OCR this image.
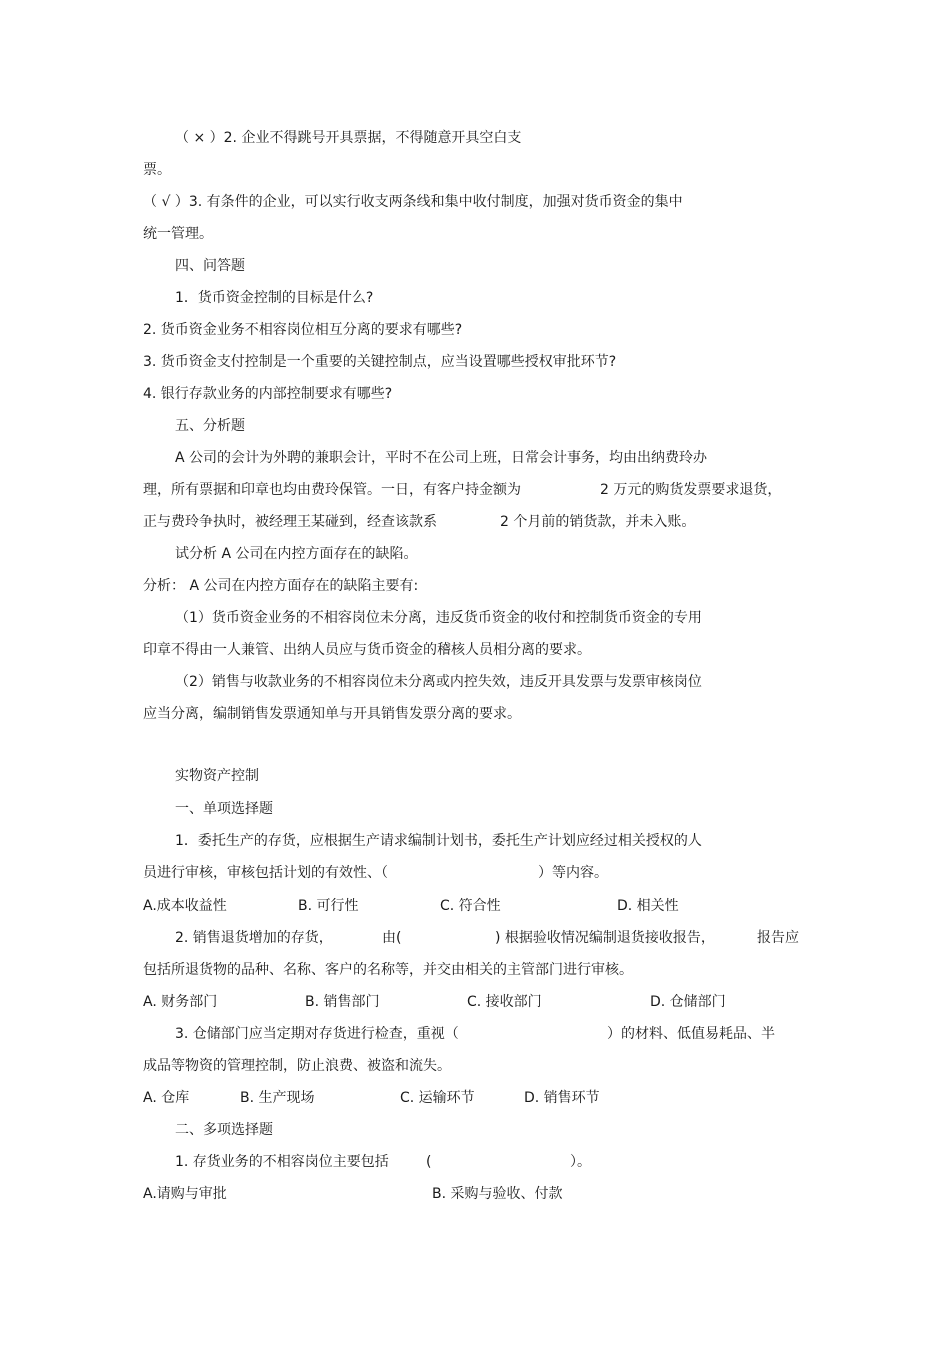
（ × ）2. 企业不得跳号开具票据，不得随意开具空白支
票。
（ √ ）3. 有条件的企业，可以实行收支两条线和集中收付制度，加强对货币资金的集中
统一管理。
四、问答题
1．货币资金控制的目标是什么?
2. 货币资金业务不相容岗位相互分离的要求有哪些?
3. 货币资金支付控制是一个重要的关键控制点，应当设置哪些授权审批环节?
4. 银行存款业务的内部控制要求有哪些?
五、分析题
A 公司的会计为外聘的兼职会计，平时不在公司上班，日常会计事务，均由出纳费玲办
理，所有票据和印章也均由费玲保管。一日，有客户持金额为	2 万元的购货发票要求退货，
正与费玲争执时，被经理王某碰到，经查该款系	2 个月前的销货款，并未入账。
试分析 A 公司在内控方面存在的缺陷。
分析： A 公司在内控方面存在的缺陷主要有:
（1）货币资金业务的不相容岗位未分离，违反货币资金的收付和控制货币资金的专用
印章不得由一人兼管、出纳人员应与货币资金的稽核人员相分离的要求。
（2）销售与收款业务的不相容岗位未分离或内控失效，违反开具发票与发票审核岗位
应当分离，编制销售发票通知单与开具销售发票分离的要求。
实物资产控制
一、单项选择题
1．委托生产的存货，应根据生产请求编制计划书，委托生产计划应经过相关授权的人
员进行审核，审核包括计划的有效性、（	）等内容。
A.成本收益性	B. 可行性	C. 符合性	D. 相关性
2. 销售退货增加的存货，	由(	) 根据验收情况编制退货接收报告，	报告应
包括所退货物的品种、名称、客户的名称等，并交由相关的主管部门进行审核。
A. 财务部门	B. 销售部门	C. 接收部门	D. 仓储部门
3. 仓储部门应当定期对存货进行检查，重视（	）的材料、低值易耗品、半
成品等物资的管理控制，防止浪费、被盗和流失。
A. 仓库	B. 生产现场	C. 运输环节	D. 销售环节
二、多项选择题
1. 存货业务的不相容岗位主要包括	(	）。
A.请购与审批	B. 采购与验收、付款
